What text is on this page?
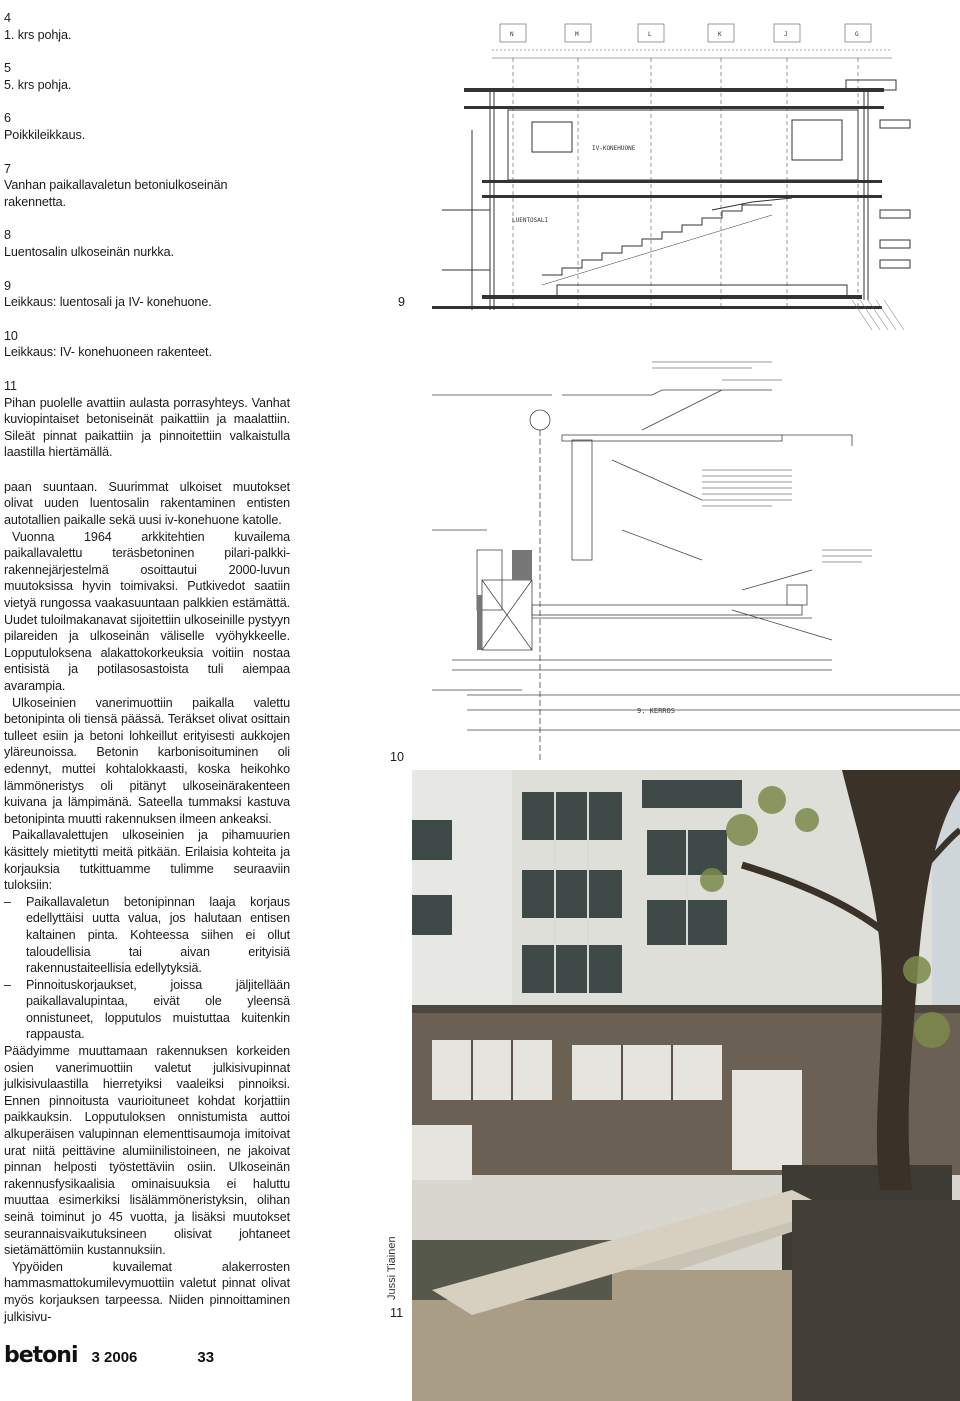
4
1. krs pohja.
5
5. krs pohja.
6
Poikkileikkaus.
7
Vanhan paikallavaletun betoniulkoseinän rakennetta.
8
Luentosalin ulkoseinän nurkka.
9
Leikkaus: luentosali ja IV- konehuone.
10
Leikkaus: IV- konehuoneen rakenteet.
11
Pihan puolelle avattiin aulasta porrasyhteys. Vanhat kuviopintaiset betoniseinät paikattiin ja maalattiin. Sileät pinnat paikattiin ja pinnoitettiin valkaistulla laastilla hiertämällä.

paan suuntaan. Suurimmat ulkoiset muutokset olivat uuden luentosalin rakentaminen entisten autotallien paikalle sekä uusi iv-konehuone katolle.

Vuonna 1964 arkkitehtien kuvailema paikallavalettu teräsbetoninen pilari-palkki-rakennejärjestelmä osoittautui 2000-luvun muutoksissa hyvin toimivaksi. Putkivedot saatiin vietyä rungossa vaakasuuntaan palkkien estämättä. Uudet tuloilmakanavat sijoitettiin ulkoseinille pystyyn pilareiden ja ulkoseinän väliselle vyöhykkeelle. Lopputuloksena alakattokorkeuksia voitiin nostaa entisistä ja potilasosastoista tuli aiempaa avarampia.

Ulkoseinien vanerimuottiin paikalla valettu betonipinta oli tiensä päässä. Teräkset olivat osittain tulleet esiin ja betoni lohkeillut erityisesti aukkojen yläreunoissa. Betonin karbonisoituminen oli edennyt, muttei kohtalokkaasti, koska heikohko lämmöneristys oli pitänyt ulkoseinärakenteen kuivana ja lämpimänä. Sateella tummaksi kastuva betonipinta muutti rakennuksen ilmeen ankeaksi.

Paikallavalettujen ulkoseinien ja pihamuurien käsittely mietitytti meitä pitkään. Erilaisia kohteita ja korjauksia tutkittuamme tulimme seuraaviin tuloksiin:

– Paikallavaletun betonipinnan laaja korjaus edellyttäisi uutta valua, jos halutaan entisen kaltainen pinta. Kohteessa siihen ei ollut taloudellisia tai aivan erityisiä rakennustaiteellisia edellytyksiä.
– Pinnoituskorjaukset, joissa jäljitellään paikallavalupintaa, eivät ole yleensä onnistuneet, lopputulos muistuttaa kuitenkin rappausta.

Päädyimme muuttamaan rakennuksen korkeiden osien vanerimuottiin valetut julkisivupinnat julkisivulaastilla hierretyiksi vaaleiksi pinnoiksi. Ennen pinnoitusta vaurioituneet kohdat korjattiin paikkauksin. Lopputuloksen onnistumista auttoi alkuperäisen valupinnan elementtisaumoja imitoivat urat niitä peittävine alumiinilistoineen, ne jakoivat pinnan helposti työstettäviin osiin. Ulkoseinän rakennusfysikaalisia ominaisuuksia ei haluttu muuttaa esimerkiksi lisälämmöneristyksin, olihan seinä toiminut jo 45 vuotta, ja lisäksi muutokset seurannaisvaikutuksineen olisivat johtaneet sietämättömiin kustannuksiin.

Ypyöiden kuvailemat alakerrosten hammasmattokumilevymuottiin valetut pinnat olivat myös korjauksen tarpeessa. Niiden pinnoittaminen julkisivu-

N	M	L	K	J	G
IV-KONEHUONE
LUENTOSALI
9
9. KERROS
10
11
Jussi Tiainen
betoni 3 2006	33
